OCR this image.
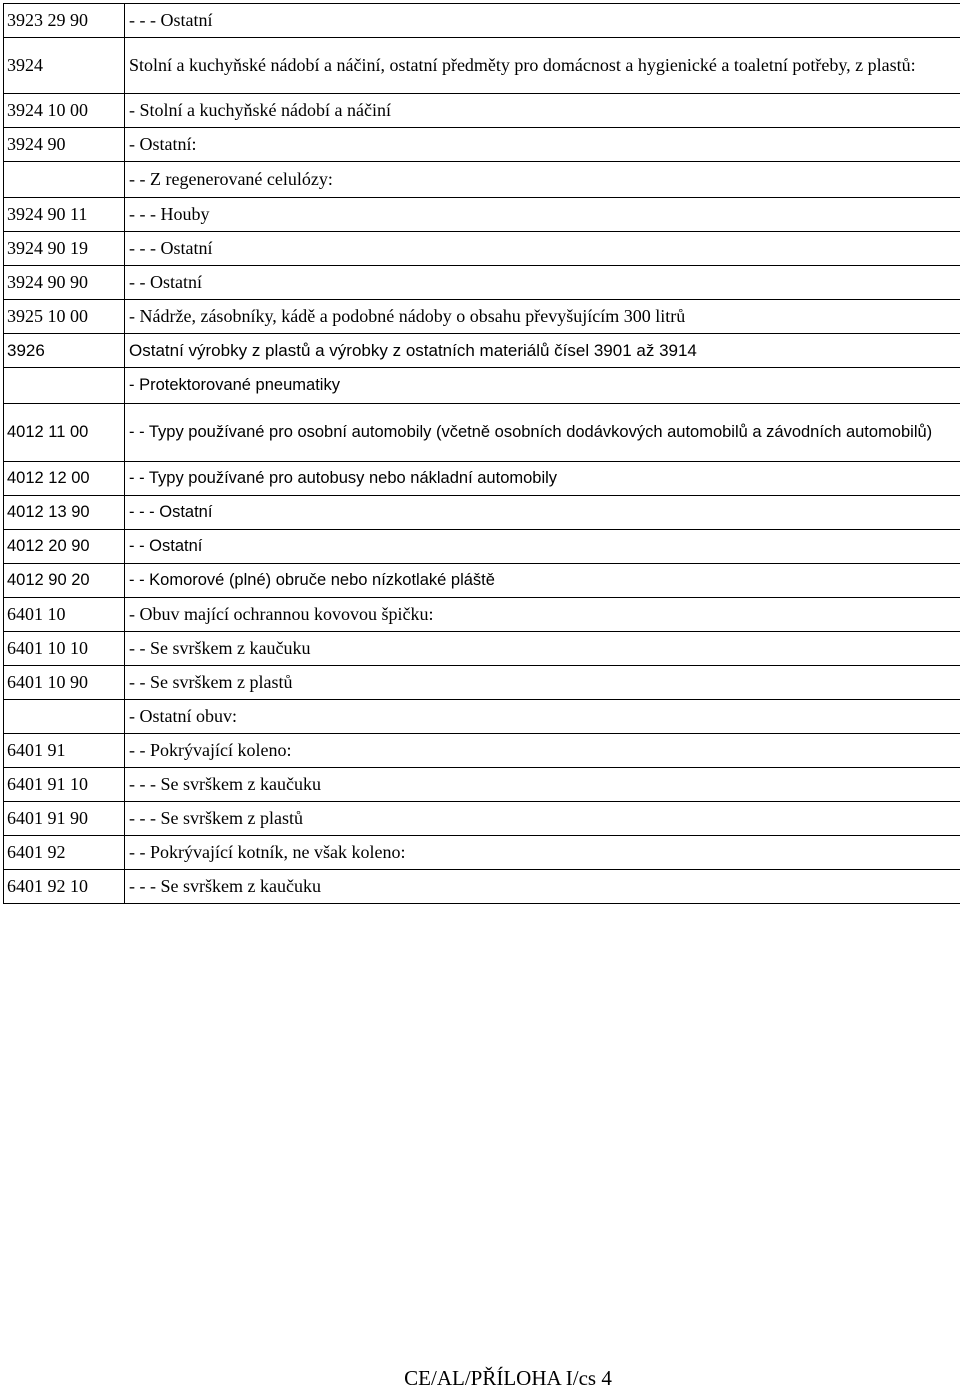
3923 29 90	- - - Ostatní
3924	Stolní a kuchyňské nádobí a náčiní, ostatní předměty pro domácnost a hygienické a toaletní potřeby, z plastů:
3924 10 00	- Stolní a kuchyňské nádobí a náčiní
3924 90	- Ostatní:
	- - Z regenerované celulózy:
3924 90 11	- - - Houby
3924 90 19	- - - Ostatní
3924 90 90	- - Ostatní
3925 10 00	- Nádrže, zásobníky, kádě a podobné nádoby o obsahu převyšujícím 300 litrů
3926	Ostatní výrobky z plastů a výrobky z ostatních materiálů čísel 3901 až 3914
	- Protektorované pneumatiky
4012 11 00	- - Typy používané pro osobní automobily (včetně osobních dodávkových automobilů a závodních automobilů)
4012 12 00	- - Typy používané pro autobusy nebo nákladní automobily
4012 13 90	- - - Ostatní
4012 20 90	- - Ostatní
4012 90 20	- - Komorové (plné) obruče nebo nízkotlaké pláště
6401 10	- Obuv mající ochrannou kovovou špičku:
6401 10 10	- - Se svrškem z kaučuku
6401 10 90	- - Se svrškem z plastů
	- Ostatní obuv:
6401 91	- - Pokrývající koleno:
6401 91 10	- - - Se svrškem z kaučuku
6401 91 90	- - - Se svrškem z plastů
6401 92	- - Pokrývající kotník, ne však koleno:
6401 92 10	- - - Se svrškem z kaučuku
CE/AL/PŘÍLOHA I/cs 4
